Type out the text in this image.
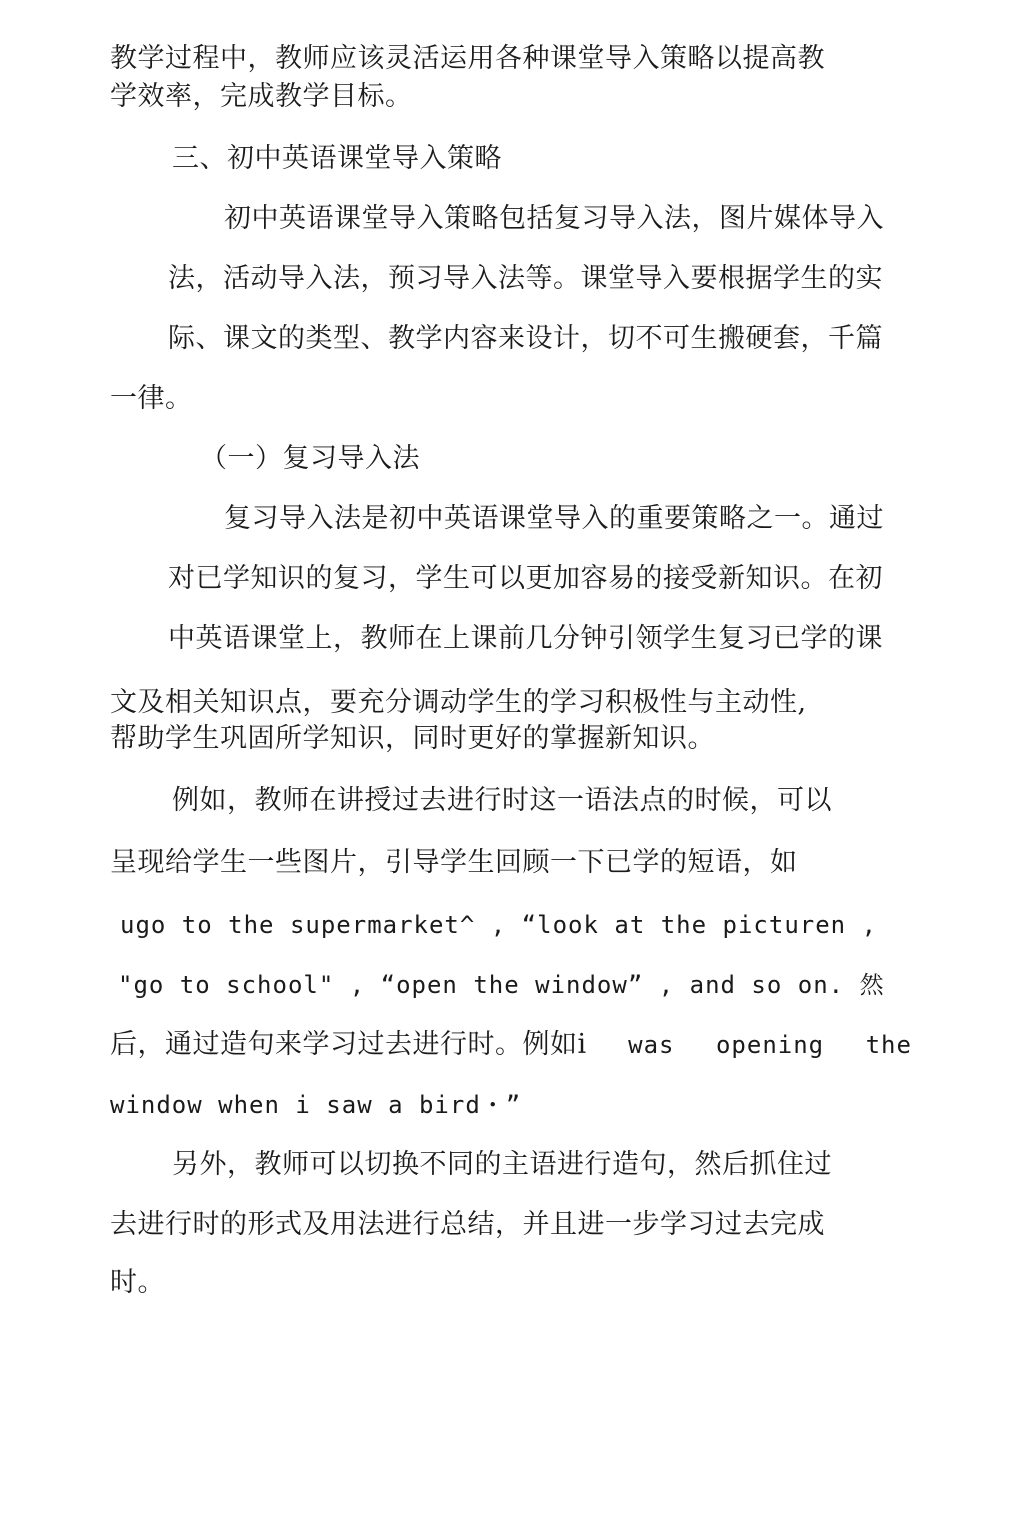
教学过程中，教师应该灵活运用各种课堂导入策略以提高教
学效率，完成教学目标。
三、初中英语课堂导入策略
初中英语课堂导入策略包括复习导入法，图片媒体导入
法，活动导入法，预习导入法等。课堂导入要根据学生的实
际、课文的类型、教学内容来设计，切不可生搬硬套，千篇
一律。
（一）复习导入法
复习导入法是初中英语课堂导入的重要策略之一。通过
对已学知识的复习，学生可以更加容易的接受新知识。在初
中英语课堂上，教师在上课前几分钟引领学生复习已学的课
文及相关知识点，要充分调动学生的学习积极性与主动性,
帮助学生巩固所学知识，同时更好的掌握新知识。
例如，教师在讲授过去进行时这一语法点的时候，可以
呈现给学生一些图片，引导学生回顾一下已学的短语，如
ugo to the supermarket^ , “look at the picturen ,
"go to school" , “open the window” , and so on. 然
后，通过造句来学习过去进行时。例如i was opening the
window when i saw a bird・”
另外，教师可以切换不同的主语进行造句，然后抓住过
去进行时的形式及用法进行总结，并且进一步学习过去完成
时。
